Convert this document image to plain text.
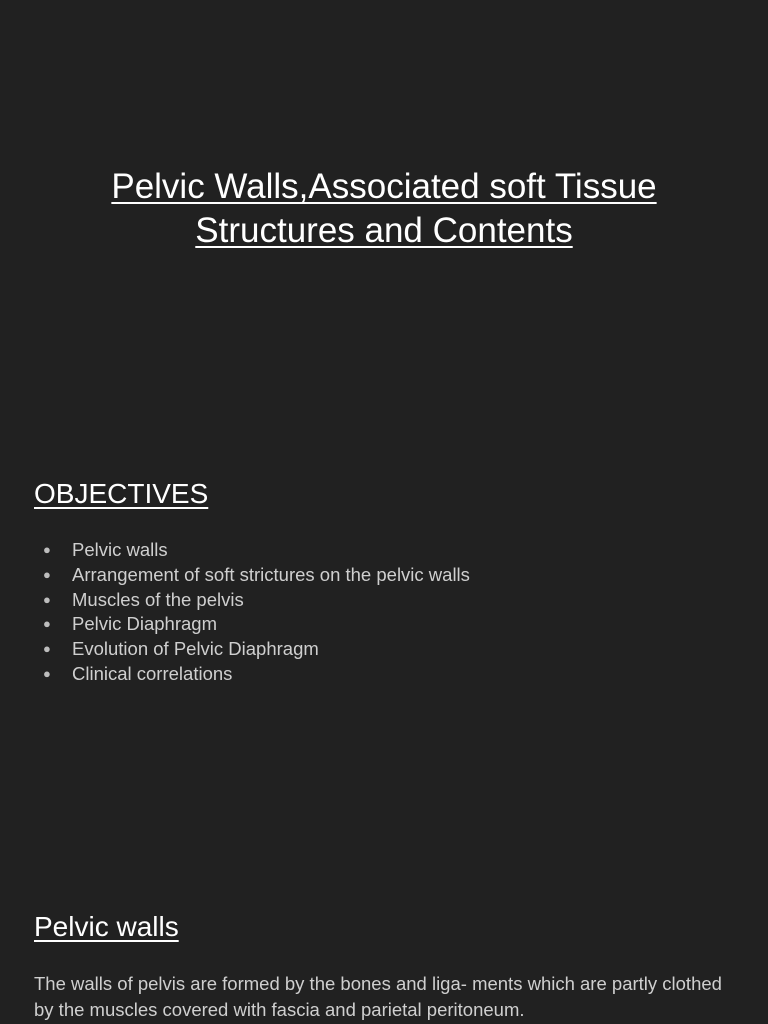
Pelvic Walls,Associated soft Tissue
Structures and Contents
OBJECTIVES
● Pelvic walls
● Arrangement of soft strictures on the pelvic walls
● Muscles of the pelvis
● Pelvic Diaphragm
● Evolution of Pelvic Diaphragm
● Clinical correlations
Pelvic walls

The walls of pelvis are formed by the bones and liga- ments which are partly clothed by the muscles covered with fascia and parietal peritoneum.
